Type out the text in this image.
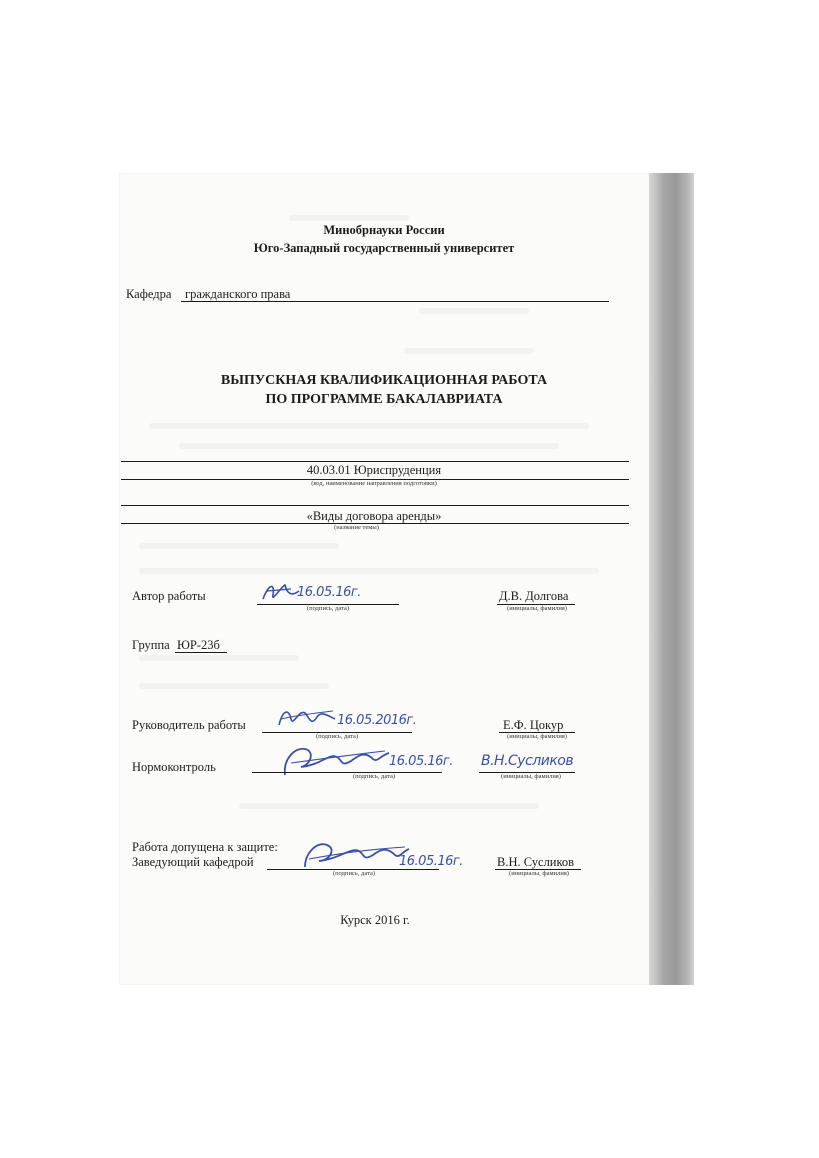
Минобрнауки России
Юго-Западный государственный университет
Кафедра гражданского права
ВЫПУСКНАЯ КВАЛИФИКАЦИОННАЯ РАБОТА
ПО ПРОГРАММЕ БАКАЛАВРИАТА
40.03.01 Юриспруденция
(код, наименование направления подготовки)
«Виды договора аренды»
(название темы)
Автор работы	16.05.16г.
(подпись, дата)
Д.В. Долгова
(инициалы, фамилия)
Группа ЮР-23б
Руководитель работы	16.05.2016г.
(подпись, дата)
Е.Ф. Цокур
(инициалы, фамилия)
Нормоконтроль	16.05.16г.
(подпись, дата)
В.Н.Сусликов
(инициалы, фамилия)
Работа допущена к защите:
Заведующий кафедрой	16.05.16г.
(подпись, дата)
В.Н. Сусликов
(инициалы, фамилия)
Курск 2016 г.
